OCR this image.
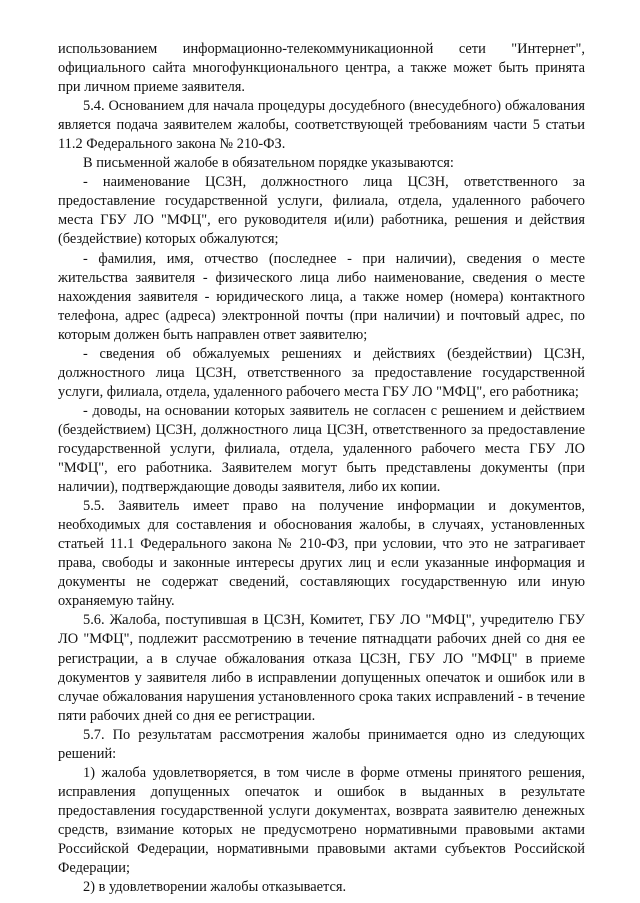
использованием информационно-телекоммуникационной сети "Интернет", официального сайта многофункционального центра, а также может быть принята при личном приеме заявителя.

5.4. Основанием для начала процедуры досудебного (внесудебного) обжалования является подача заявителем жалобы, соответствующей требованиям части 5 статьи 11.2 Федерального закона № 210-ФЗ.

В письменной жалобе в обязательном порядке указываются:

- наименование ЦСЗН, должностного лица ЦСЗН, ответственного за предоставление государственной услуги, филиала, отдела, удаленного рабочего места ГБУ ЛО "МФЦ", его руководителя и(или) работника, решения и действия (бездействие) которых обжалуются;

- фамилия, имя, отчество (последнее - при наличии), сведения о месте жительства заявителя - физического лица либо наименование, сведения о месте нахождения заявителя - юридического лица, а также номер (номера) контактного телефона, адрес (адреса) электронной почты (при наличии) и почтовый адрес, по которым должен быть направлен ответ заявителю;

- сведения об обжалуемых решениях и действиях (бездействии) ЦСЗН, должностного лица ЦСЗН, ответственного за предоставление государственной услуги, филиала, отдела, удаленного рабочего места ГБУ ЛО "МФЦ", его работника;

- доводы, на основании которых заявитель не согласен с решением и действием (бездействием) ЦСЗН, должностного лица ЦСЗН, ответственного за предоставление государственной услуги, филиала, отдела, удаленного рабочего места ГБУ ЛО "МФЦ", его работника. Заявителем могут быть представлены документы (при наличии), подтверждающие доводы заявителя, либо их копии.

5.5. Заявитель имеет право на получение информации и документов, необходимых для составления и обоснования жалобы, в случаях, установленных статьей 11.1 Федерального закона № 210-ФЗ, при условии, что это не затрагивает права, свободы и законные интересы других лиц и если указанные информация и документы не содержат сведений, составляющих государственную или иную охраняемую тайну.

5.6. Жалоба, поступившая в ЦСЗН, Комитет, ГБУ ЛО "МФЦ", учредителю ГБУ ЛО "МФЦ", подлежит рассмотрению в течение пятнадцати рабочих дней со дня ее регистрации, а в случае обжалования отказа ЦСЗН, ГБУ ЛО "МФЦ" в приеме документов у заявителя либо в исправлении допущенных опечаток и ошибок или в случае обжалования нарушения установленного срока таких исправлений - в течение пяти рабочих дней со дня ее регистрации.

5.7. По результатам рассмотрения жалобы принимается одно из следующих решений:

1) жалоба удовлетворяется, в том числе в форме отмены принятого решения, исправления допущенных опечаток и ошибок в выданных в результате предоставления государственной услуги документах, возврата заявителю денежных средств, взимание которых не предусмотрено нормативными правовыми актами Российской Федерации, нормативными правовыми актами субъектов Российской Федерации;

2) в удовлетворении жалобы отказывается.
